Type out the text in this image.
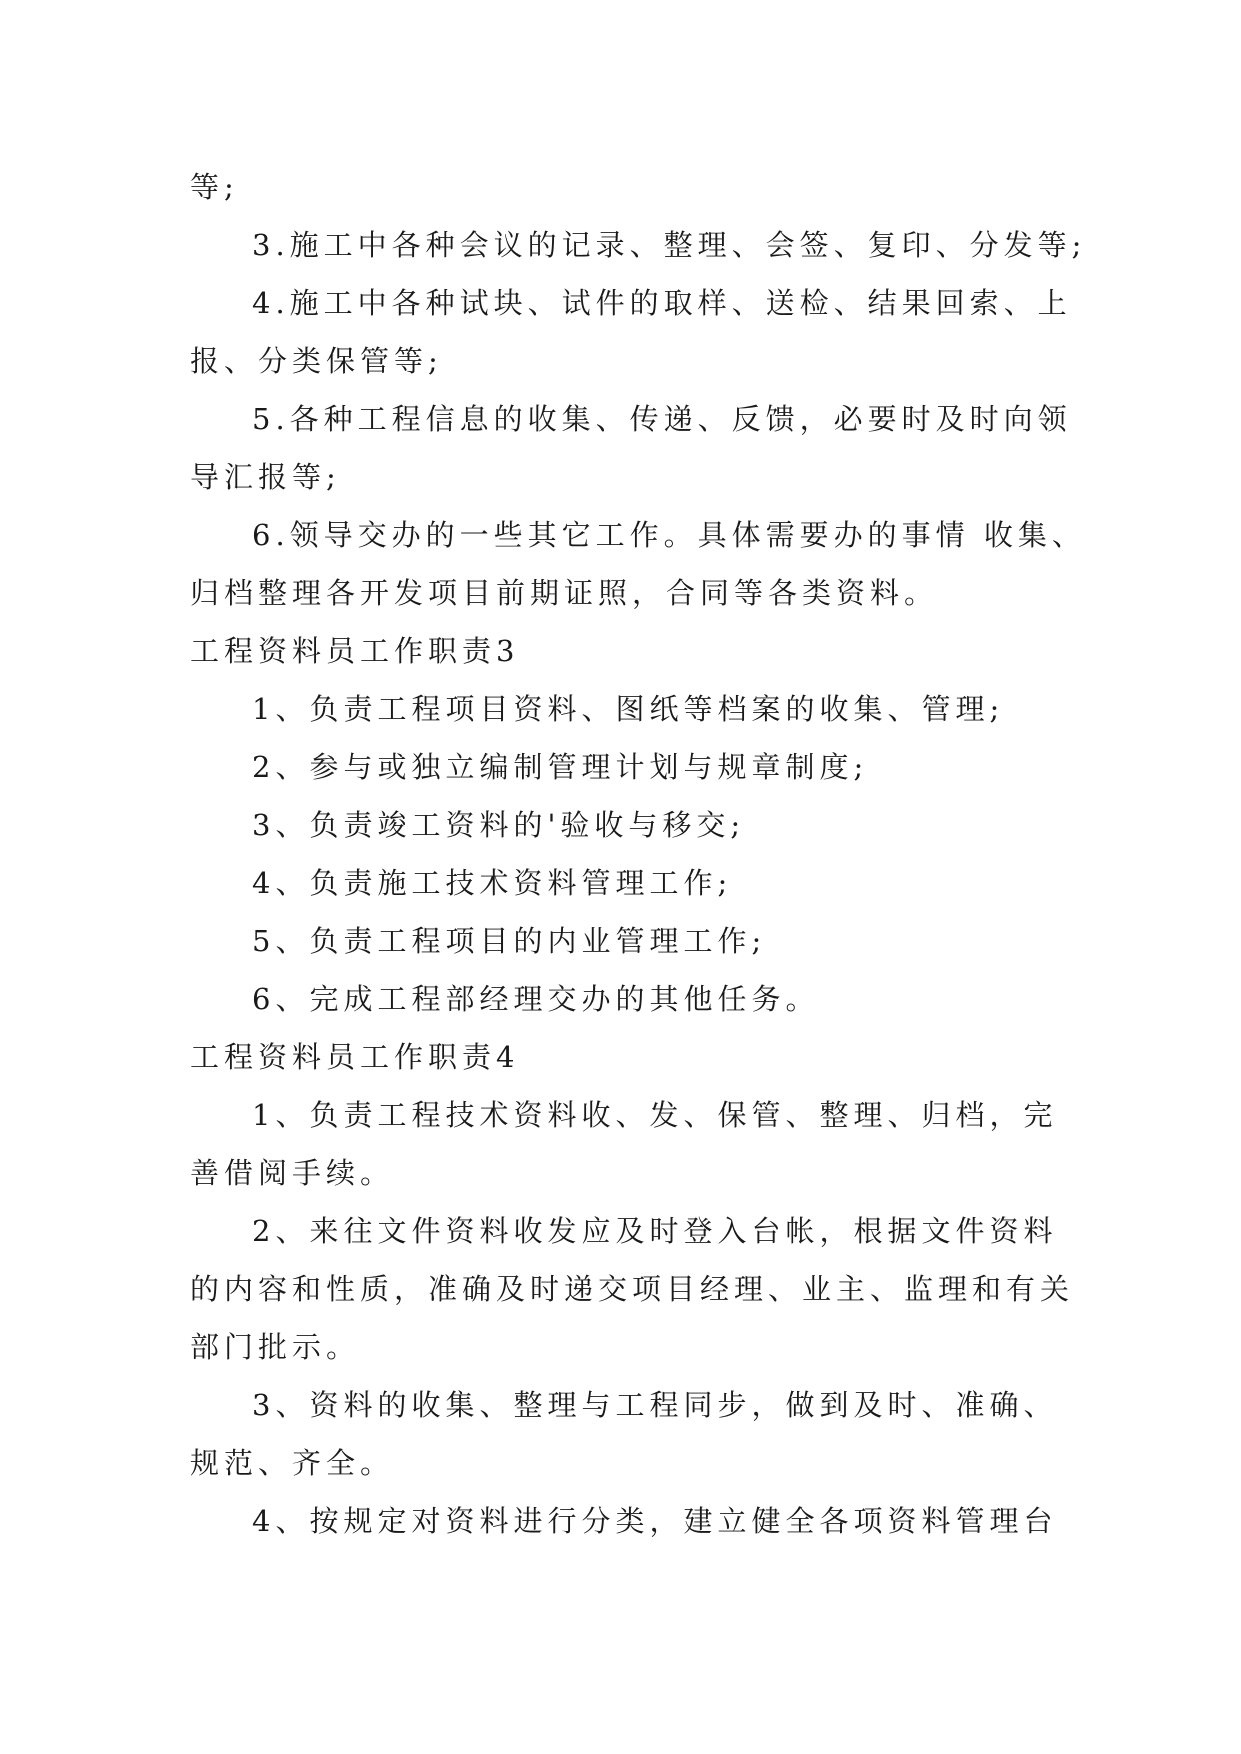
等;
3.施工中各种会议的记录、整理、会签、复印、分发等;
4.施工中各种试块、试件的取样、送检、结果回索、上
报、分类保管等;
5.各种工程信息的收集、传递、反馈，必要时及时向领
导汇报等;
6.领导交办的一些其它工作。具体需要办的事情 收集、
归档整理各开发项目前期证照，合同等各类资料。
工程资料员工作职责3
1、负责工程项目资料、图纸等档案的收集、管理;
2、参与或独立编制管理计划与规章制度;
3、负责竣工资料的'验收与移交;
4、负责施工技术资料管理工作;
5、负责工程项目的内业管理工作;
6、完成工程部经理交办的其他任务。
工程资料员工作职责4
1、负责工程技术资料收、发、保管、整理、归档，完
善借阅手续。
2、来往文件资料收发应及时登入台帐，根据文件资料
的内容和性质，准确及时递交项目经理、业主、监理和有关
部门批示。
3、资料的收集、整理与工程同步，做到及时、准确、
规范、齐全。
4、按规定对资料进行分类，建立健全各项资料管理台
